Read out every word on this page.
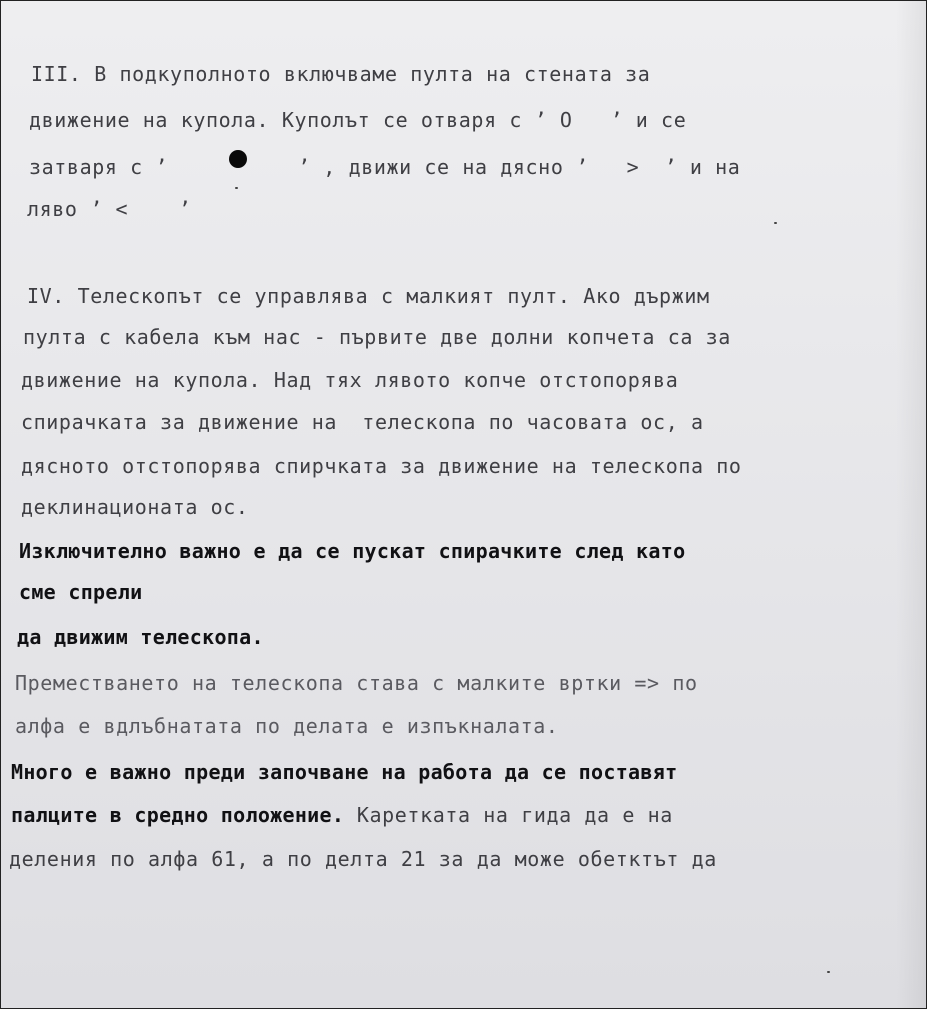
III. В подкуполното включваме пулта на стената за
движение на купола. Куполът се отваря с ’ O   ’ и се
затваря с ’	’ , движи се на дясно ’   >  ’ и на
ляво ’ <    ’
IV. Телескопът се управлява с малкият пулт. Ако държим
пулта с кабела към нас - първите две долни копчета са за
движение на купола. Над тях лявото копче отстопорява
спирачката за движение на  телескопа по часовата ос, а
дясното отстопорява спирчката за движение на телескопа по
деклинационата ос.
Изключително важно е да се пускат спирачките след като
сме спрели
да движим телескопа.
Преместването на телескопа става с малките вртки => по
алфа е вдлъбнатата по делата е изпъкналата.
Много е важно преди започване на работа да се поставят
палците в средно положение. Каретката на гида да е на
деления по алфа 61, а по делта 21 за да може обетктът да
